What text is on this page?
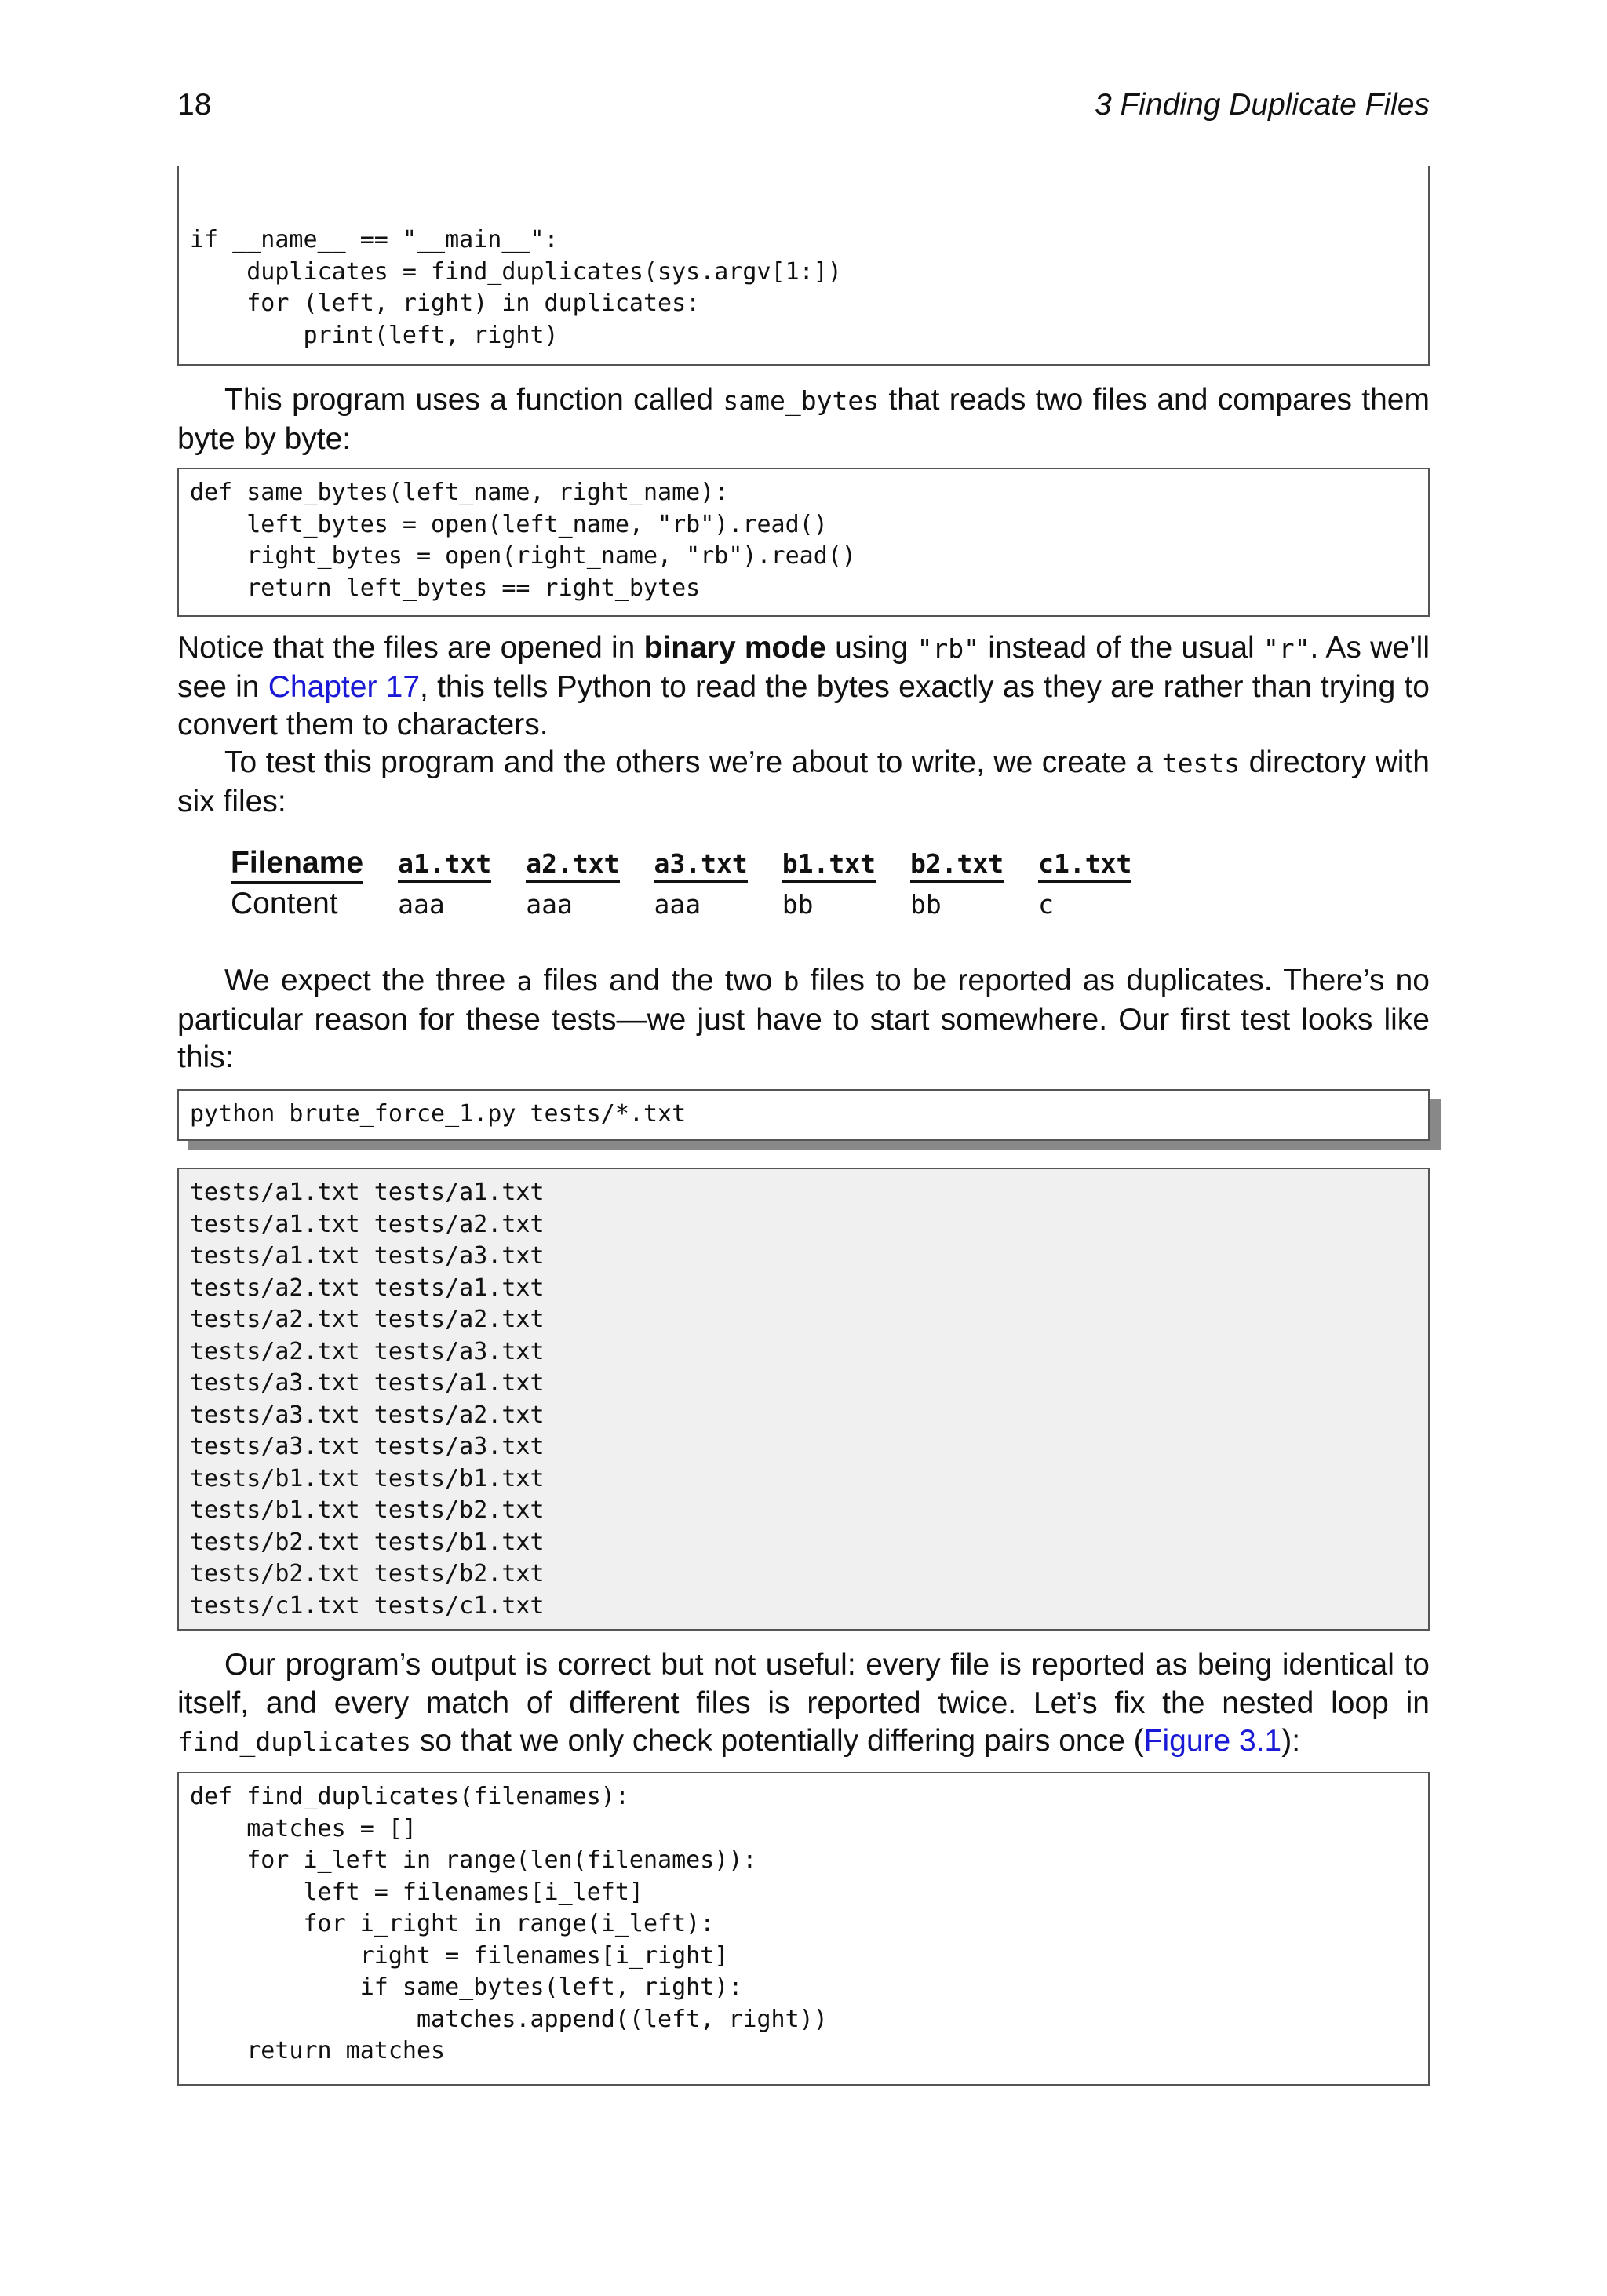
18	3 Finding Duplicate Files
if __name__ == "__main__":
duplicates = find_duplicates(sys.argv[1:])
for (left, right) in duplicates:
print(left, right)

This program uses a function called same_bytes that reads two files and compares them byte by byte:

def same_bytes(left_name, right_name):
left_bytes = open(left_name, "rb").read()
right_bytes = open(right_name, "rb").read()
return left_bytes == right_bytes

Notice that the files are opened in binary mode using "rb" instead of the usual "r". As we’ll see in Chapter 17, this tells Python to read the bytes exactly as they are rather than trying to convert them to characters.

To test this program and the others we’re about to write, we create a tests directory with six files:

Filename	a1.txt	a2.txt	a3.txt	b1.txt	b2.txt	c1.txt
Content	aaa	aaa	aaa	bb	bb	c

We expect the three a files and the two b files to be reported as duplicates. There’s no particular reason for these tests—we just have to start somewhere. Our first test looks like this:

python brute_force_1.py tests/*.txt
tests/a1.txt tests/a1.txt
tests/a1.txt tests/a2.txt
tests/a1.txt tests/a3.txt
tests/a2.txt tests/a1.txt
tests/a2.txt tests/a2.txt
tests/a2.txt tests/a3.txt
tests/a3.txt tests/a1.txt
tests/a3.txt tests/a2.txt
tests/a3.txt tests/a3.txt
tests/b1.txt tests/b1.txt
tests/b1.txt tests/b2.txt
tests/b2.txt tests/b1.txt
tests/b2.txt tests/b2.txt
tests/c1.txt tests/c1.txt

Our program’s output is correct but not useful: every file is reported as being identical to itself, and every match of different files is reported twice. Let’s fix the nested loop in find_duplicates so that we only check potentially differing pairs once (Figure 3.1):

def find_duplicates(filenames):
matches = []
for i_left in range(len(filenames)):
left = filenames[i_left]
for i_right in range(i_left):
right = filenames[i_right]
if same_bytes(left, right):
matches.append((left, right))
return matches
